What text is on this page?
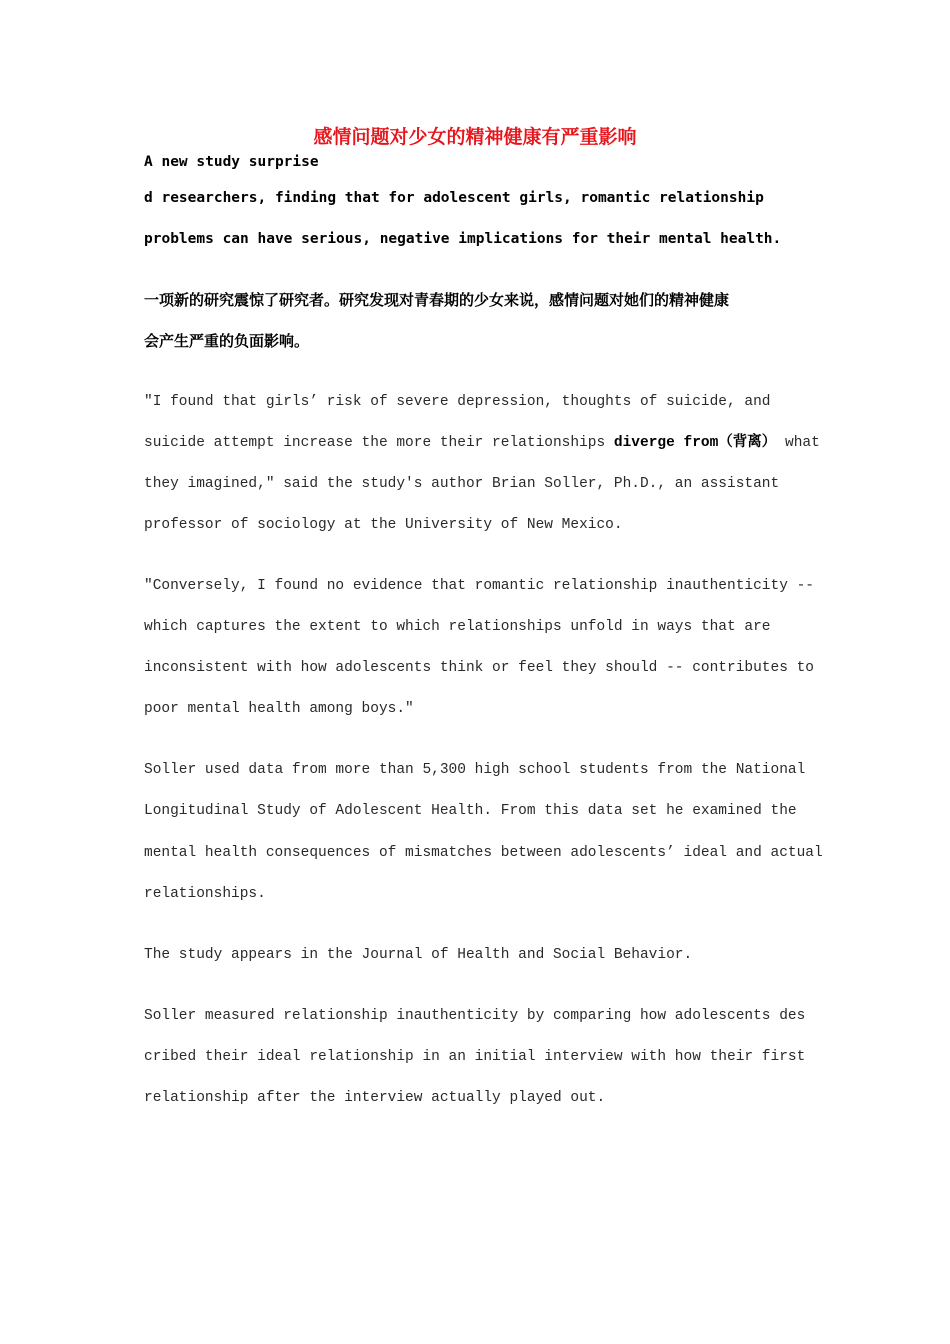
感情问题对少女的精神健康有严重影响

A new study surprise

d researchers, finding that for adolescent girls, romantic relationship

problems can have serious, negative implications for their mental health.

一项新的研究震惊了研究者。研究发现对青春期的少女来说，感情问题对她们的精神健康

会产生严重的负面影响。

"I found that girls’ risk of severe depression, thoughts of suicide, and

suicide attempt increase the more their relationships diverge from（背离） what

they imagined," said the study's author Brian Soller, Ph.D., an assistant

professor of sociology at the University of New Mexico.

"Conversely, I found no evidence that romantic relationship inauthenticity --

which captures the extent to which relationships unfold in ways that are

inconsistent with how adolescents think or feel they should -- contributes to

poor mental health among boys."

Soller used data from more than 5,300 high school students from the National

Longitudinal Study of Adolescent Health. From this data set he examined the

mental health consequences of mismatches between adolescents’ ideal and actual

relationships.

The study appears in the Journal of Health and Social Behavior.

Soller measured relationship inauthenticity by comparing how adolescents des

cribed their ideal relationship in an initial interview with how their first

relationship after the interview actually played out.
